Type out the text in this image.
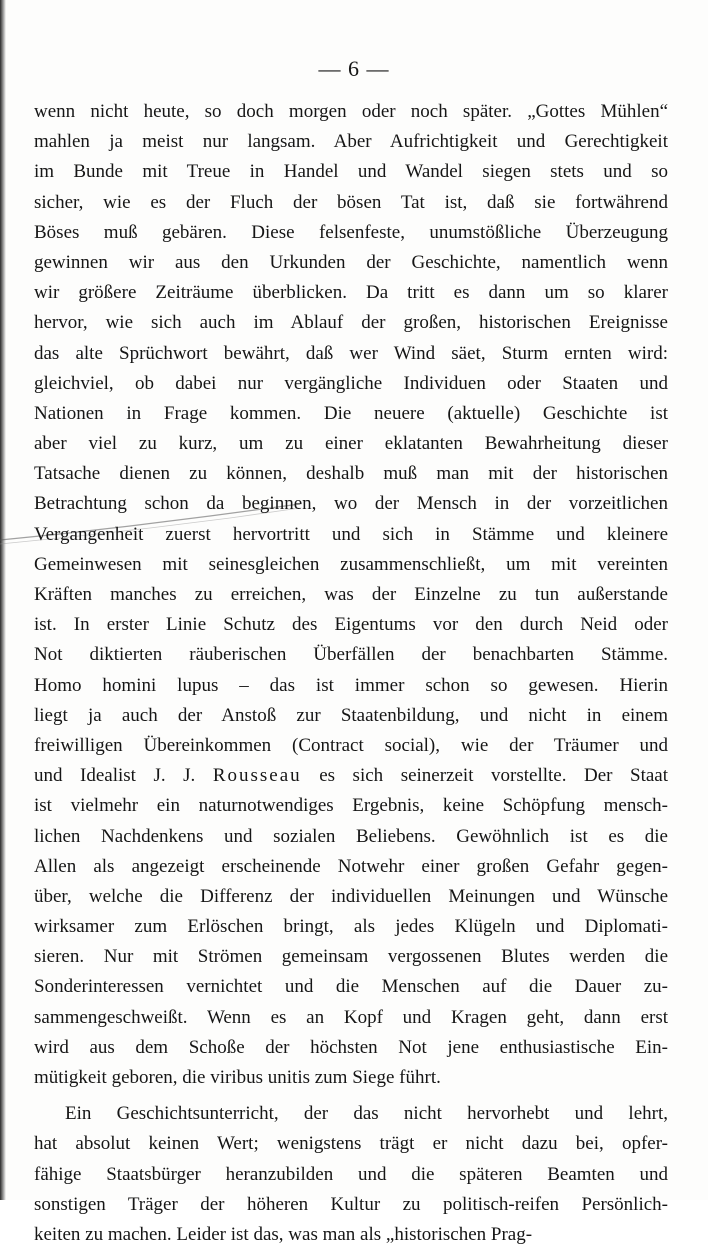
— 6 —
wenn nicht heute, so doch morgen oder noch später. „Gottes Mühlen“
mahlen ja meist nur langsam. Aber Aufrichtigkeit und Gerechtigkeit
im Bunde mit Treue in Handel und Wandel siegen stets und so
sicher, wie es der Fluch der bösen Tat ist, daß sie fortwährend
Böses muß gebären. Diese felsenfeste, unumstößliche Überzeugung
gewinnen wir aus den Urkunden der Geschichte, namentlich wenn
wir größere Zeiträume überblicken. Da tritt es dann um so klarer
hervor, wie sich auch im Ablauf der großen, historischen Ereignisse
das alte Sprüchwort bewährt, daß wer Wind säet, Sturm ernten wird:
gleichviel, ob dabei nur vergängliche Individuen oder Staaten und
Nationen in Frage kommen. Die neuere (aktuelle) Geschichte ist
aber viel zu kurz, um zu einer eklatanten Bewahrheitung dieser
Tatsache dienen zu können, deshalb muß man mit der historischen
Betrachtung schon da beginnen, wo der Mensch in der vorzeitlichen
Vergangenheit zuerst hervortritt und sich in Stämme und kleinere
Gemeinwesen mit seinesgleichen zusammenschließt, um mit vereinten
Kräften manches zu erreichen, was der Einzelne zu tun außerstande
ist. In erster Linie Schutz des Eigentums vor den durch Neid oder
Not diktierten räuberischen Überfällen der benachbarten Stämme.
Homo homini lupus – das ist immer schon so gewesen. Hierin
liegt ja auch der Anstoß zur Staatenbildung, und nicht in einem
freiwilligen Übereinkommen (Contract social), wie der Träumer und
und Idealist J. J. Rousseau es sich seinerzeit vorstellte. Der Staat
ist vielmehr ein naturnotwendiges Ergebnis, keine Schöpfung mensch-
lichen Nachdenkens und sozialen Beliebens. Gewöhnlich ist es die
Allen als angezeigt erscheinende Notwehr einer großen Gefahr gegen-
über, welche die Differenz der individuellen Meinungen und Wünsche
wirksamer zum Erlöschen bringt, als jedes Klügeln und Diplomati-
sieren. Nur mit Strömen gemeinsam vergossenen Blutes werden die
Sonderinteressen vernichtet und die Menschen auf die Dauer zu-
sammengeschweißt. Wenn es an Kopf und Kragen geht, dann erst
wird aus dem Schoße der höchsten Not jene enthusiastische Ein-
mütigkeit geboren, die viribus unitis zum Siege führt.
Ein Geschichtsunterricht, der das nicht hervorhebt und lehrt,
hat absolut keinen Wert; wenigstens trägt er nicht dazu bei, opfer-
fähige Staatsbürger heranzubilden und die späteren Beamten und
sonstigen Träger der höheren Kultur zu politisch-reifen Persönlich-
keiten zu machen. Leider ist das, was man als „historischen Prag-
